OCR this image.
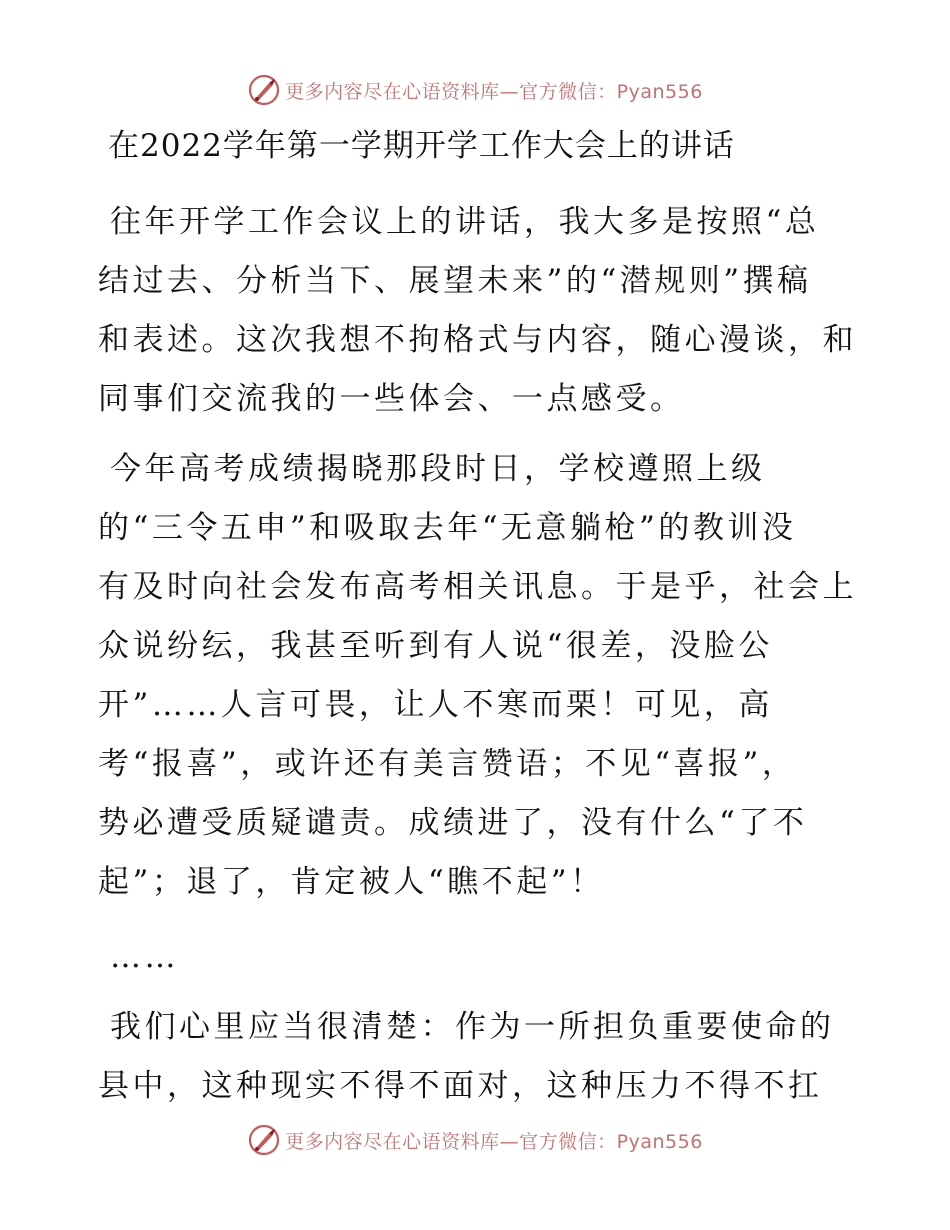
更多内容尽在心语资料库—官方微信：Pyan556
在2022学年第一学期开学工作大会上的讲话

往年开学工作会议上的讲话，我大多是按照“总
结过去、分析当下、展望未来”的“潜规则”撰稿
和表述。这次我想不拘格式与内容，随心漫谈，和
同事们交流我的一些体会、一点感受。

今年高考成绩揭晓那段时日，学校遵照上级
的“三令五申”和吸取去年“无意躺枪”的教训没
有及时向社会发布高考相关讯息。于是乎，社会上
众说纷纭，我甚至听到有人说“很差，没脸公
开”……人言可畏，让人不寒而栗！可见，高
考“报喜”，或许还有美言赞语；不见“喜报”，
势必遭受质疑谴责。成绩进了，没有什么“了不
起”；退了，肯定被人“瞧不起”！

……

我们心里应当很清楚：作为一所担负重要使命的
县中，这种现实不得不面对，这种压力不得不扛

更多内容尽在心语资料库—官方微信：Pyan556
